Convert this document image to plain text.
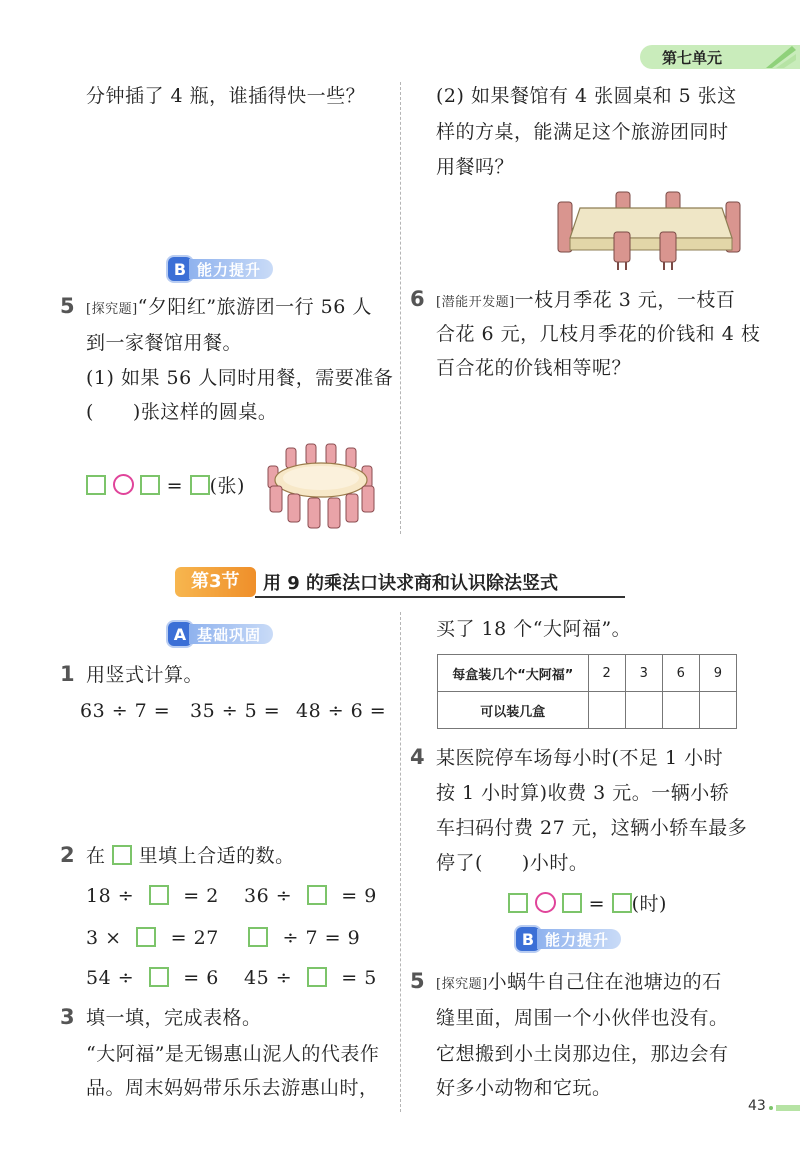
第七单元
分钟插了 4 瓶，谁插得快一些？
B 能力提升
5 [探究题]“夕阳红”旅游团一行 56 人
到一家餐馆用餐。
(1) 如果 56 人同时用餐，需要准备
(　　)张这样的圆桌。
= (张)
(2) 如果餐馆有 4 张圆桌和 5 张这
样的方桌，能满足这个旅游团同时
用餐吗？
6 [潜能开发题]一枝月季花 3 元，一枝百
合花 6 元，几枝月季花的价钱和 4 枝
百合花的价钱相等呢？
第3节	用 9 的乘法口诀求商和认识除法竖式
A 基础巩固
1 用竖式计算。
63 ÷ 7 = 35 ÷ 5 = 48 ÷ 6 =
2 在 里填上合适的数。
18 ÷	= 2 36 ÷	= 9
3 ×	= 27	÷ 7 = 9
54 ÷	= 6 45 ÷	= 5
3 填一填，完成表格。
“大阿福”是无锡惠山泥人的代表作
品。周末妈妈带乐乐去游惠山时，
买了 18 个“大阿福”。
每盒装几个“大阿福”	2	3	6	9
可以装几盒				
4 某医院停车场每小时(不足 1 小时
按 1 小时算)收费 3 元。一辆小轿
车扫码付费 27 元，这辆小轿车最多
停了(　　)小时。
= (时)
B 能力提升
5 [探究题]小蜗牛自己住在池塘边的石
缝里面，周围一个小伙伴也没有。
它想搬到小土岗那边住，那边会有
好多小动物和它玩。
43
